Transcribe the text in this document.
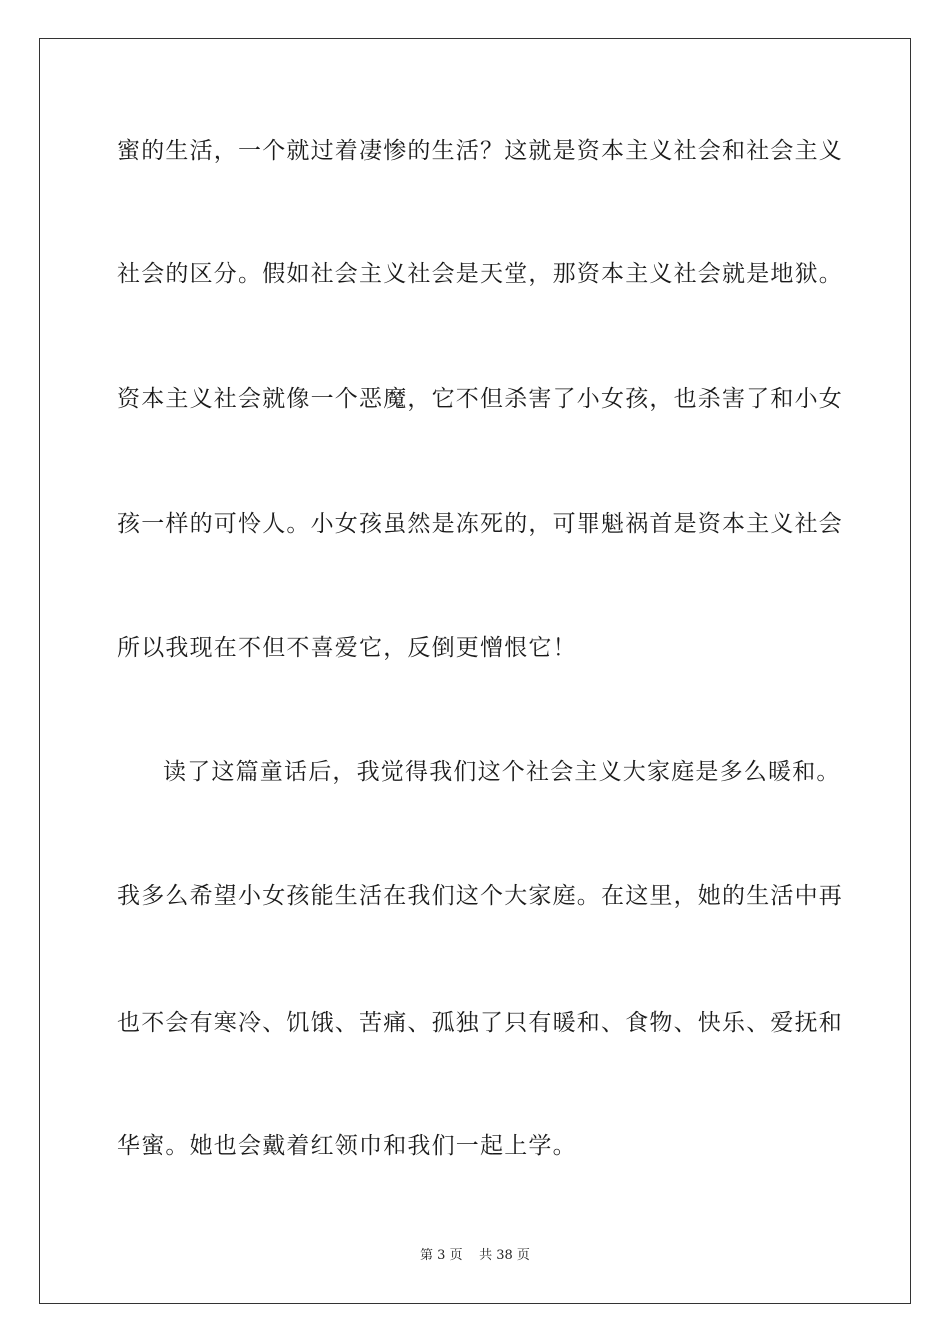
蜜的生活，一个就过着凄惨的生活？这就是资本主义社会和社会主义
社会的区分。假如社会主义社会是天堂，那资本主义社会就是地狱。
资本主义社会就像一个恶魔，它不但杀害了小女孩，也杀害了和小女
孩一样的可怜人。小女孩虽然是冻死的，可罪魁祸首是资本主义社会
所以我现在不但不喜爱它，反倒更憎恨它！
读了这篇童话后，我觉得我们这个社会主义大家庭是多么暖和。
我多么希望小女孩能生活在我们这个大家庭。在这里，她的生活中再
也不会有寒冷、饥饿、苦痛、孤独了只有暖和、食物、快乐、爱抚和
华蜜。她也会戴着红领巾和我们一起上学。
第 3 页 共 38 页
